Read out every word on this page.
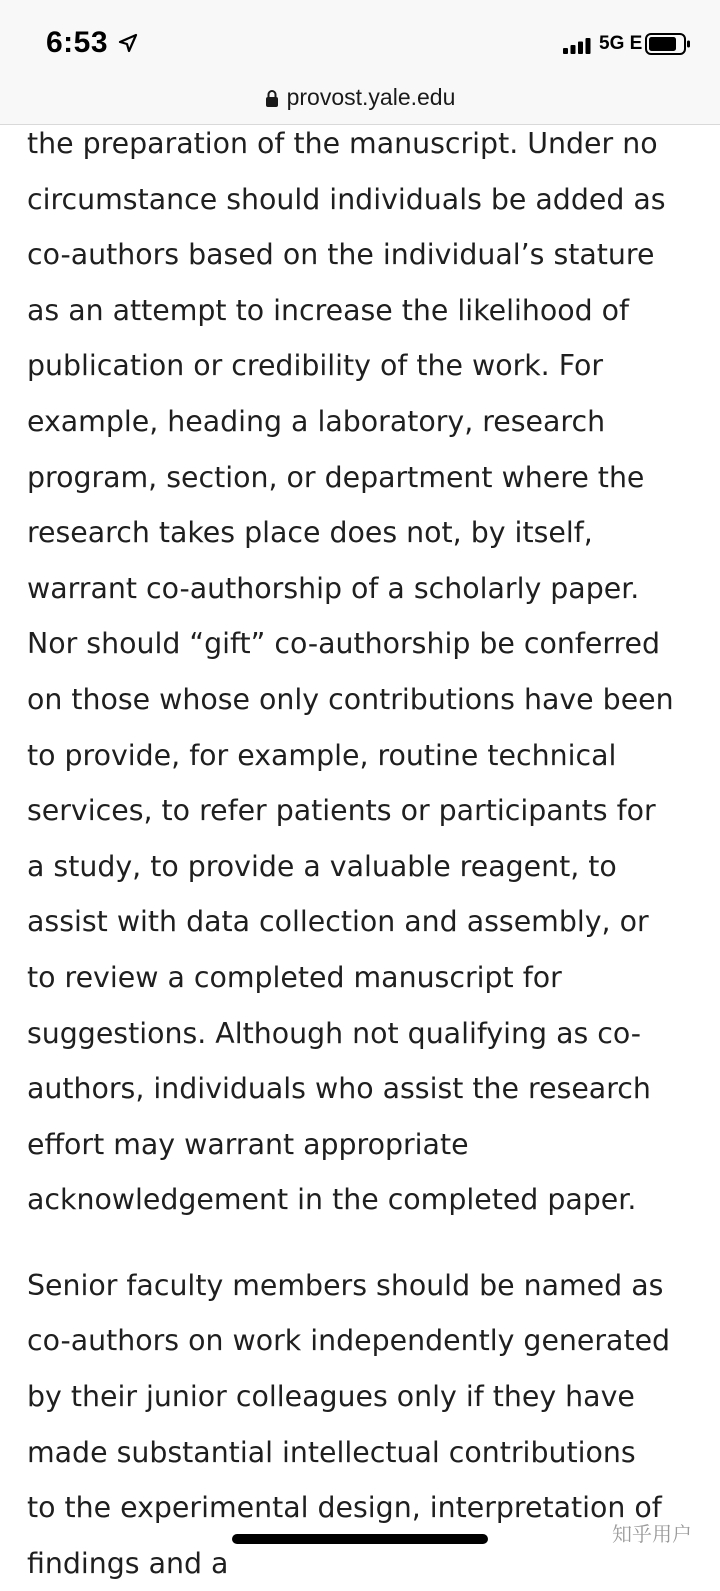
6:53	5G E
provost.yale.edu

the preparation of the manuscript. Under no
circumstance should individuals be added as
co-authors based on the individual’s stature
as an attempt to increase the likelihood of
publication or credibility of the work. For
example, heading a laboratory, research
program, section, or department where the
research takes place does not, by itself,
warrant co-authorship of a scholarly paper.
Nor should “gift” co-authorship be conferred
on those whose only contributions have been
to provide, for example, routine technical
services, to refer patients or participants for
a study, to provide a valuable reagent, to
assist with data collection and assembly, or
to review a completed manuscript for
suggestions. Although not qualifying as co-
authors, individuals who assist the research
effort may warrant appropriate
acknowledgement in the completed paper.

Senior faculty members should be named as
co-authors on work independently generated
by their junior colleagues only if they have
made substantial intellectual contributions
to the experimental design, interpretation of
findings and a

知乎用户
